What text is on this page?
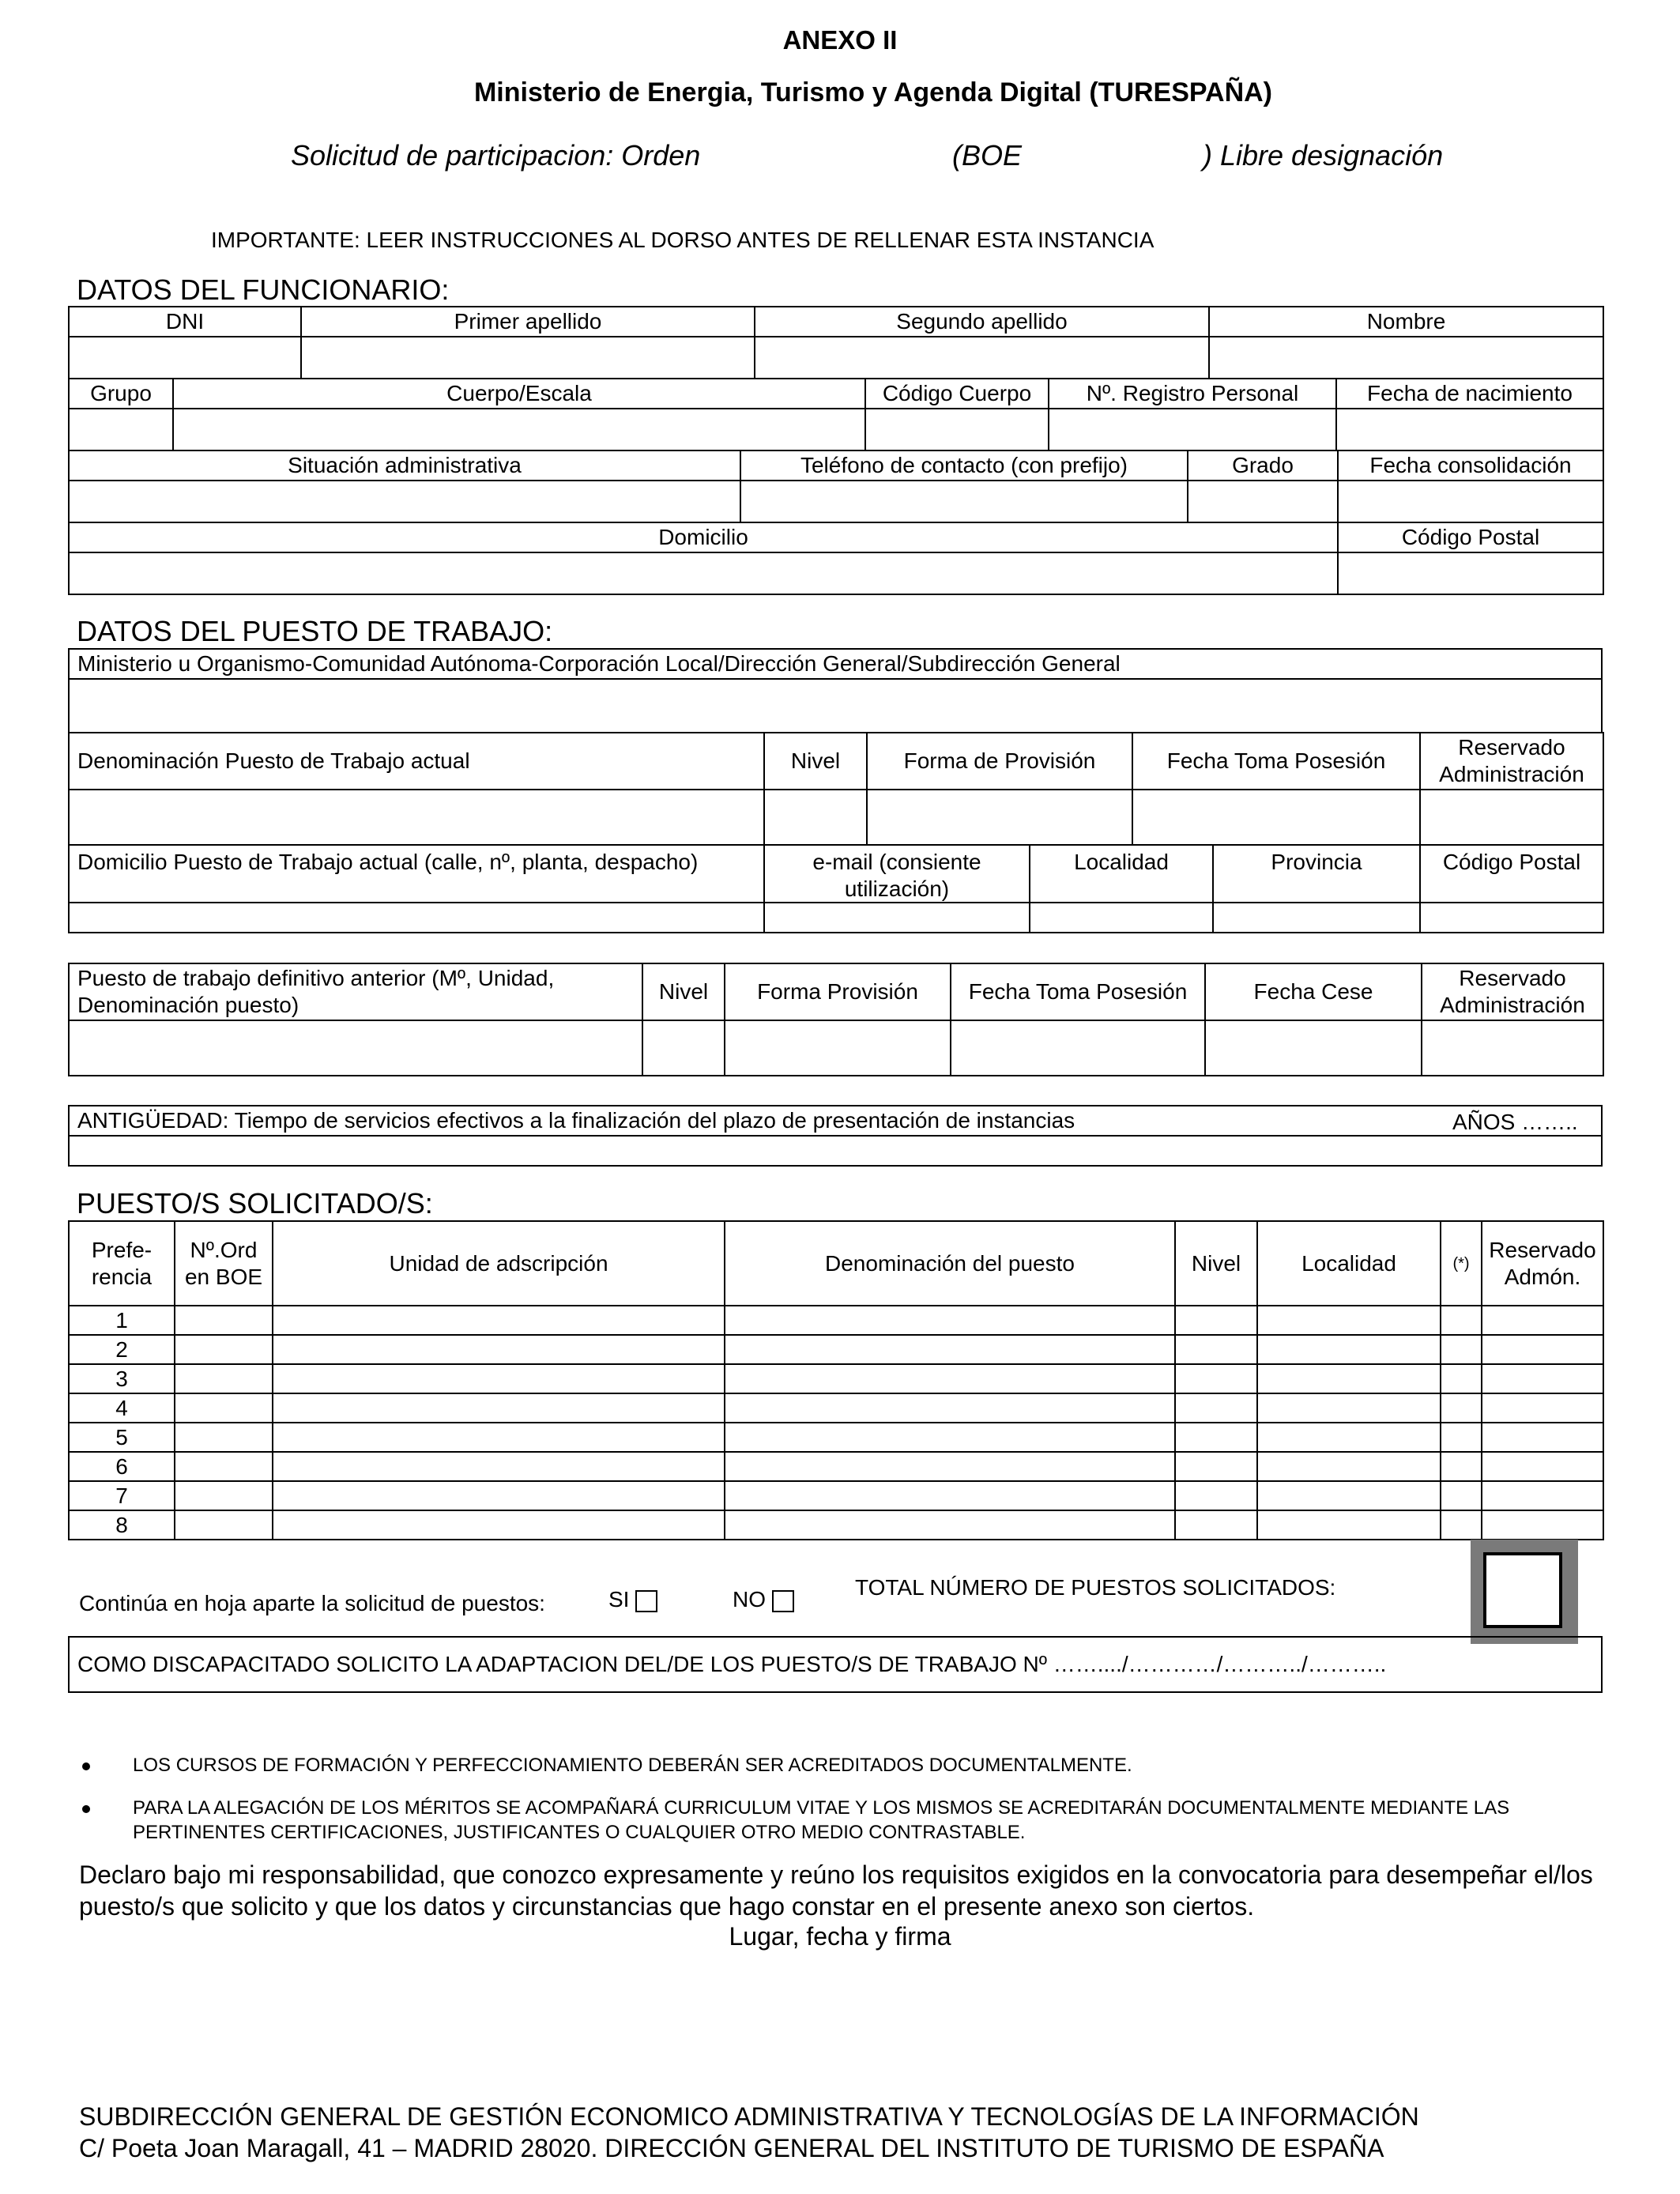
ANEXO II
Ministerio de Energia, Turismo y Agenda Digital (TURESPAÑA)
Solicitud de participacion: Orden	(BOE	) Libre designación
IMPORTANTE: LEER INSTRUCCIONES AL DORSO ANTES DE RELLENAR ESTA INSTANCIA
DATOS DEL FUNCIONARIO:
DNI	Primer apellido	Segundo apellido	Nombre

Grupo	Cuerpo/Escala	Código Cuerpo	Nº. Registro Personal	Fecha de nacimiento

Situación administrativa	Teléfono de contacto (con prefijo)	Grado	Fecha consolidación

Domicilio	Código Postal

DATOS DEL PUESTO DE TRABAJO:
Ministerio u Organismo-Comunidad Autónoma-Corporación Local/Dirección General/Subdirección General

Denominación Puesto de Trabajo actual	Nivel	Forma de Provisión	Fecha Toma Posesión	Reservado Administración

Domicilio Puesto de Trabajo actual (calle, nº, planta, despacho)	e-mail (consiente utilización)	Localidad	Provincia	Código Postal

Puesto de trabajo definitivo anterior (Mº, Unidad, Denominación puesto)	Nivel	Forma Provisión	Fecha Toma Posesión	Fecha Cese	Reservado Administración

ANTIGÜEDAD: Tiempo de servicios efectivos a la finalización del plazo de presentación de instancias	AÑOS ……..

PUESTO/S SOLICITADO/S:
Prefe-rencia	Nº.Ord en BOE	Unidad de adscripción	Denominación del puesto	Nivel	Localidad	(*)	Reservado Admón.
1							
2							
3							
4							
5							
6							
7							
8							
Continúa en hoja aparte la solicitud de puestos:	SI	NO	TOTAL NÚMERO DE PUESTOS SOLICITADOS:
COMO DISCAPACITADO SOLICITO LA ADAPTACION DEL/DE LOS PUESTO/S DE TRABAJO Nº ……..../…………/………../………..
LOS CURSOS DE FORMACIÓN Y PERFECCIONAMIENTO DEBERÁN SER ACREDITADOS DOCUMENTALMENTE.
PARA LA ALEGACIÓN DE LOS MÉRITOS SE ACOMPAÑARÁ CURRICULUM VITAE Y LOS MISMOS SE ACREDITARÁN DOCUMENTALMENTE MEDIANTE LAS PERTINENTES CERTIFICACIONES, JUSTIFICANTES O CUALQUIER OTRO MEDIO CONTRASTABLE.
Declaro bajo mi responsabilidad, que conozco expresamente y reúno los requisitos exigidos en la convocatoria para desempeñar el/los puesto/s que solicito y que los datos y circunstancias que hago constar en el presente anexo son ciertos.
Lugar, fecha y firma
SUBDIRECCIÓN GENERAL DE GESTIÓN ECONOMICO ADMINISTRATIVA Y TECNOLOGÍAS DE LA INFORMACIÓN
C/ Poeta Joan Maragall, 41 – MADRID 28020. DIRECCIÓN GENERAL DEL INSTITUTO DE TURISMO DE ESPAÑA
